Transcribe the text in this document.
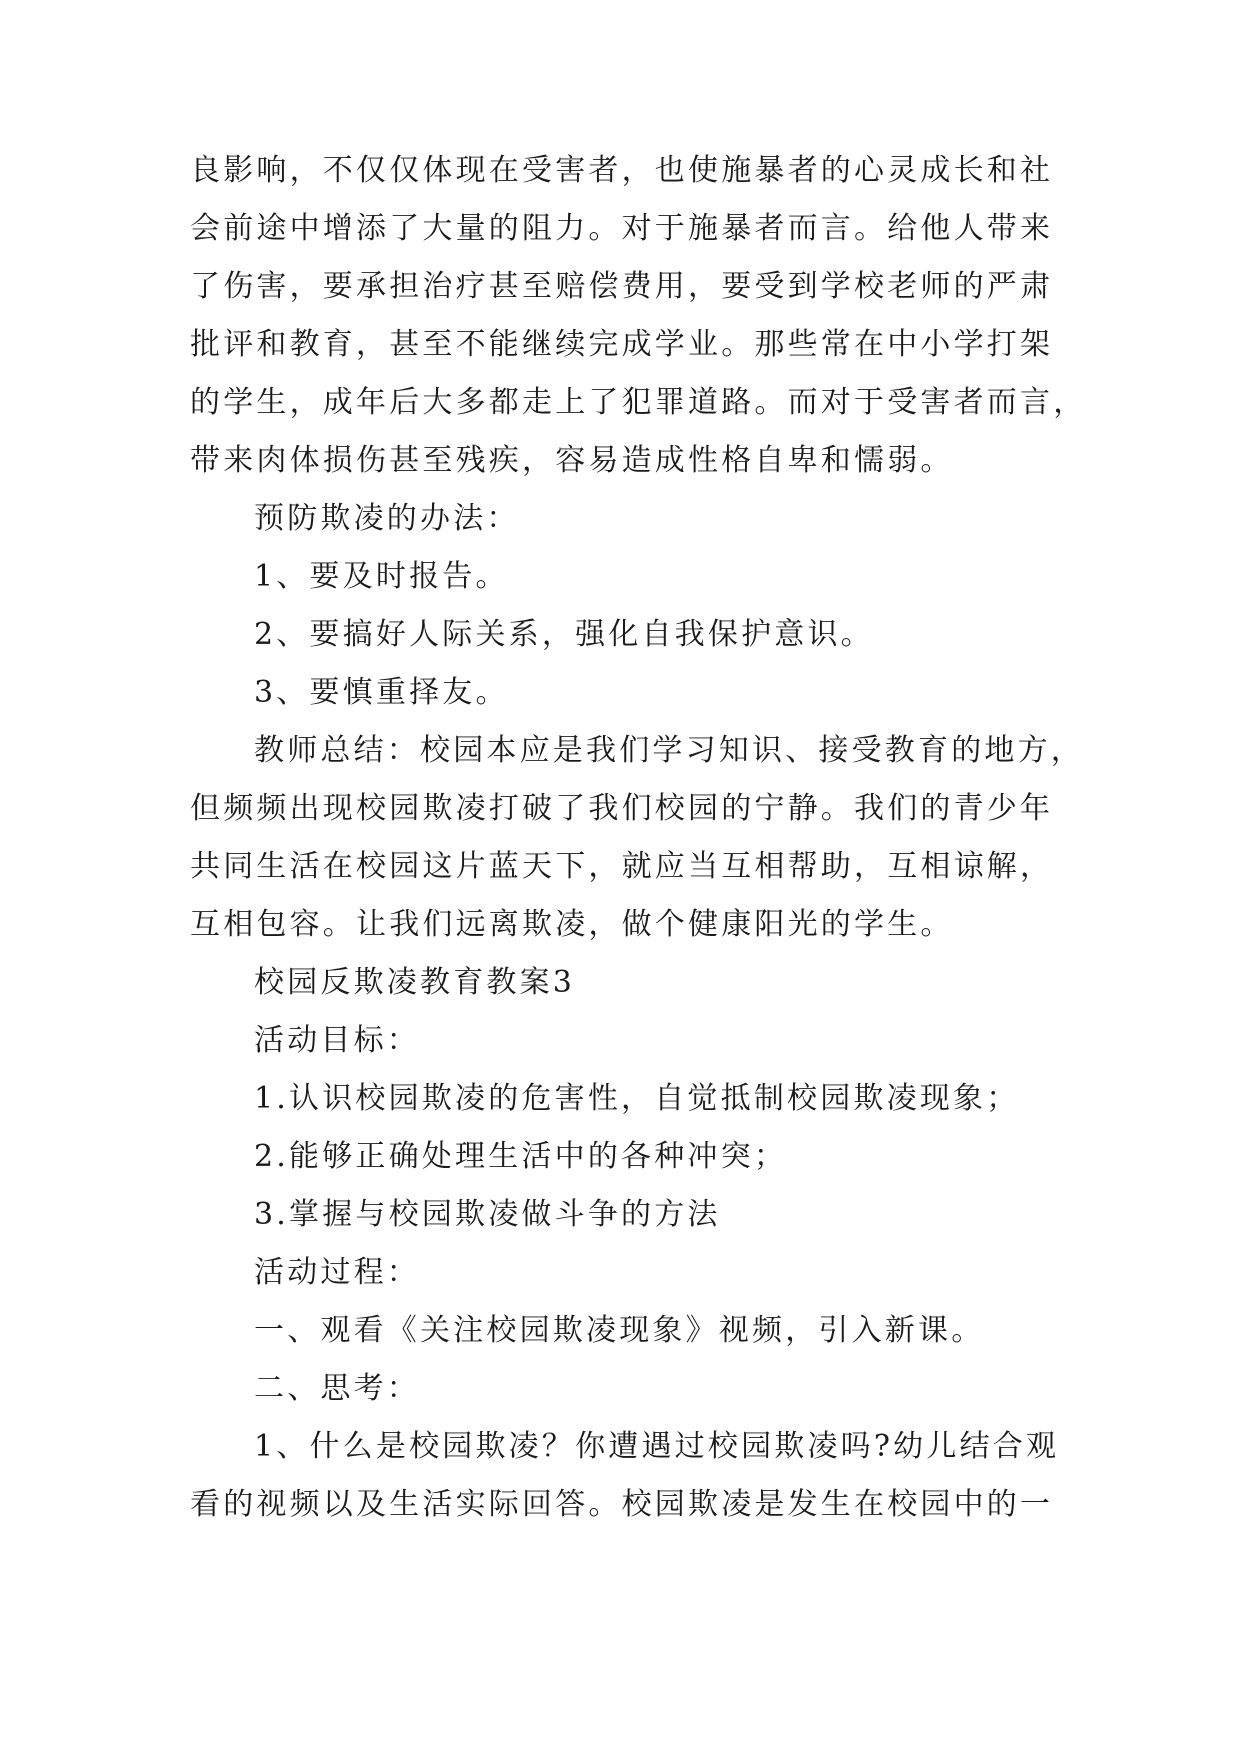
良影响，不仅仅体现在受害者，也使施暴者的心灵成长和社
会前途中增添了大量的阻力。对于施暴者而言。给他人带来
了伤害，要承担治疗甚至赔偿费用，要受到学校老师的严肃
批评和教育，甚至不能继续完成学业。那些常在中小学打架
的学生，成年后大多都走上了犯罪道路。而对于受害者而言，
带来肉体损伤甚至残疾，容易造成性格自卑和懦弱。
预防欺凌的办法：
1、要及时报告。
2、要搞好人际关系，强化自我保护意识。
3、要慎重择友。
教师总结：校园本应是我们学习知识、接受教育的地方，
但频频出现校园欺凌打破了我们校园的宁静。我们的青少年
共同生活在校园这片蓝天下，就应当互相帮助，互相谅解，
互相包容。让我们远离欺凌，做个健康阳光的学生。
校园反欺凌教育教案3
活动目标：
1.认识校园欺凌的危害性，自觉抵制校园欺凌现象；
2.能够正确处理生活中的各种冲突；
3.掌握与校园欺凌做斗争的方法
活动过程：
一、观看《关注校园欺凌现象》视频，引入新课。
二、思考：
1、什么是校园欺凌？你遭遇过校园欺凌吗?幼儿结合观
看的视频以及生活实际回答。校园欺凌是发生在校园中的一
